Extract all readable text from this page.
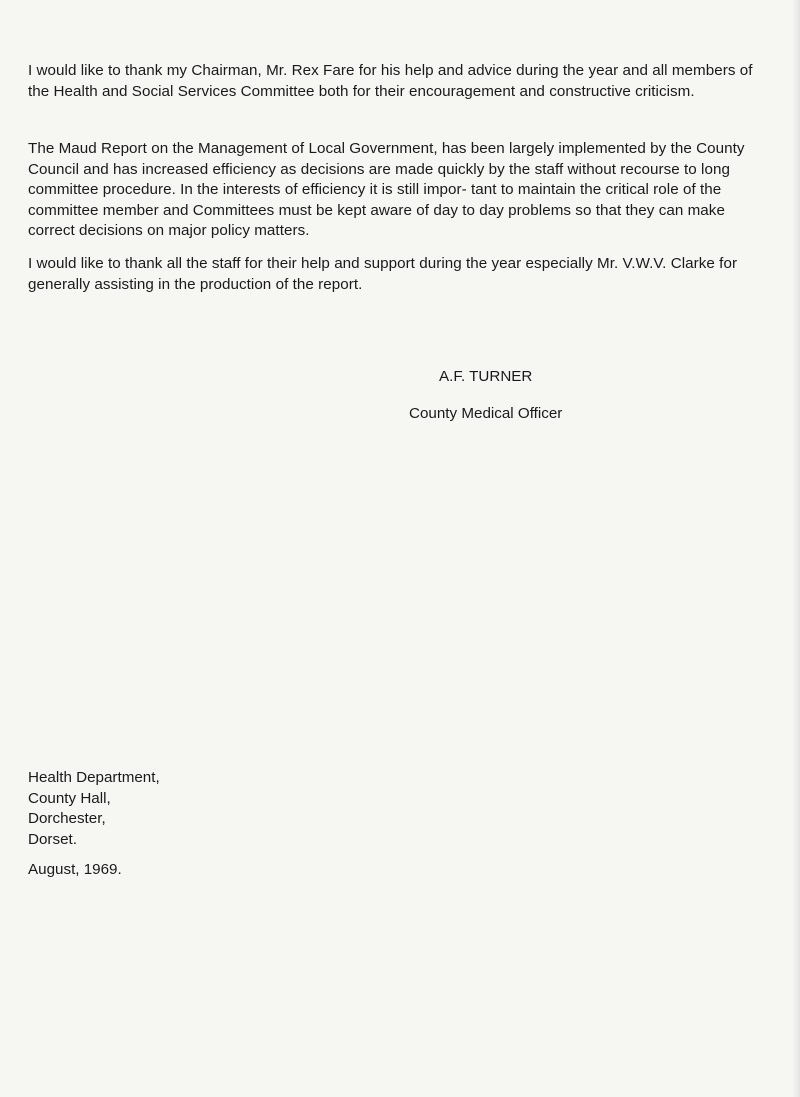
I would like to thank my Chairman, Mr. Rex Fare for his help and advice during the year and all members of the Health and Social Services Committee both for their encouragement and constructive criticism.

The Maud Report on the Management of Local Government, has been largely implemented by the County Council and has increased efficiency as decisions are made quickly by the staff without recourse to long committee procedure. In the interests of efficiency it is still impor- tant to maintain the critical role of the committee member and Committees must be kept aware of day to day problems so that they can make correct decisions on major policy matters.

I would like to thank all the staff for their help and support during the year especially Mr. V.W.V. Clarke for generally assisting in the production of the report.

A.F. TURNER

County Medical Officer

Health Department,
County Hall,
Dorchester,
Dorset.
August, 1969.
